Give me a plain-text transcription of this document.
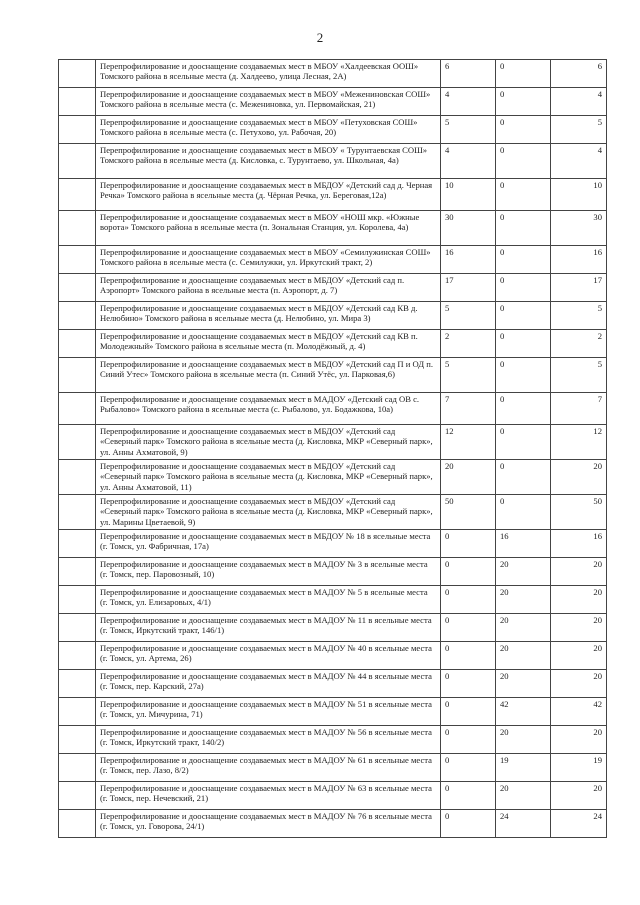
2
	Перепрофилирование и дооснащение создаваемых мест в МБОУ «Халдеевская ООШ» Томского района в ясельные места (д. Халдеево, улица Лесная, 2А)	6	0	6
	Перепрофилирование и дооснащение создаваемых мест в МБОУ «Межениновская СОШ» Томского района в ясельные места (с. Межениновка, ул. Первомайская, 21)	4	0	4
	Перепрофилирование и дооснащение создаваемых мест в МБОУ «Петуховская СОШ» Томского района в ясельные места (с. Петухово, ул. Рабочая, 20)	5	0	5
	Перепрофилирование и дооснащение создаваемых мест в МБОУ « Турунтаевская СОШ» Томского района в ясельные места (д. Кисловка, с. Турунтаево, ул. Школьная, 4а)	4	0	4
	Перепрофилирование и дооснащение создаваемых мест в МБДОУ «Детский сад д. Черная Речка» Томского района в ясельные места (д. Чёрная Речка, ул. Береговая,12а)	10	0	10
	Перепрофилирование и дооснащение создаваемых мест в МБОУ «НОШ мкр. «Южные ворота» Томского района в ясельные места (п. Зональная Станция, ул. Королева, 4а)	30	0	30
	Перепрофилирование и дооснащение создаваемых мест в МБОУ «Семилужинская СОШ» Томского района в ясельные места (с. Семилужки, ул. Иркутский тракт, 2)	16	0	16
	Перепрофилирование и дооснащение создаваемых мест в МБДОУ «Детский сад п. Аэропорт» Томского района в ясельные места (п. Аэропорт, д. 7)	17	0	17
	Перепрофилирование и дооснащение создаваемых мест в МБДОУ «Детский сад КВ д. Нелюбино» Томского района в ясельные места (д. Нелюбино, ул. Мира 3)	5	0	5
	Перепрофилирование и дооснащение создаваемых мест в МБДОУ «Детский сад КВ п. Молодежный» Томского района в ясельные места (п. Молодёжный, д. 4)	2	0	2
	Перепрофилирование и дооснащение создаваемых мест в МБДОУ «Детский сад П и ОД п. Синий Утес» Томского района в ясельные места (п. Синий Утёс, ул. Парковая,6)	5	0	5
	Перепрофилирование и дооснащение создаваемых мест в МАДОУ «Детский сад ОВ с. Рыбалово» Томского района в ясельные места (с. Рыбалово, ул. Бодажкова, 10а)	7	0	7
	Перепрофилирование и дооснащение создаваемых мест в МБДОУ «Детский сад «Северный парк» Томского района в ясельные места (д. Кисловка, МКР «Северный парк», ул. Анны Ахматовой, 9)	12	0	12
	Перепрофилирование и дооснащение создаваемых мест в МБДОУ «Детский сад «Северный парк» Томского района в ясельные места (д. Кисловка, МКР «Северный парк», ул. Анны Ахматовой, 11)	20	0	20
	Перепрофилирование и дооснащение создаваемых мест в МБДОУ «Детский сад «Северный парк» Томского района в ясельные места (д. Кисловка, МКР «Северный парк», ул. Марины Цветаевой, 9)	50	0	50
	Перепрофилирование и дооснащение создаваемых мест в МБДОУ № 18 в ясельные места (г. Томск, ул. Фабричная, 17а)	0	16	16
	Перепрофилирование и дооснащение создаваемых мест в МАДОУ № 3 в ясельные места (г. Томск, пер. Паровозный, 10)	0	20	20
	Перепрофилирование и дооснащение создаваемых мест в МАДОУ № 5 в ясельные места (г. Томск, ул. Елизаровых, 4/1)	0	20	20
	Перепрофилирование и дооснащение создаваемых мест в МАДОУ № 11 в ясельные места (г. Томск, Иркутский тракт, 146/1)	0	20	20
	Перепрофилирование и дооснащение создаваемых мест в МАДОУ № 40 в ясельные места (г. Томск, ул. Артема, 26)	0	20	20
	Перепрофилирование и дооснащение создаваемых мест в МАДОУ № 44 в ясельные места (г. Томск, пер. Карский, 27а)	0	20	20
	Перепрофилирование и дооснащение создаваемых мест в МАДОУ № 51 в ясельные места (г. Томск, ул. Мичурина, 71)	0	42	42
	Перепрофилирование и дооснащение создаваемых мест в МАДОУ № 56 в ясельные места (г. Томск, Иркутский тракт, 140/2)	0	20	20
	Перепрофилирование и дооснащение создаваемых мест в МАДОУ № 61 в ясельные места (г. Томск, пер. Лазо, 8/2)	0	19	19
	Перепрофилирование и дооснащение создаваемых мест в МАДОУ № 63 в ясельные места (г. Томск, пер. Нечевский, 21)	0	20	20
	Перепрофилирование и дооснащение создаваемых мест в МАДОУ № 76 в ясельные места (г. Томск, ул. Говорова, 24/1)	0	24	24
